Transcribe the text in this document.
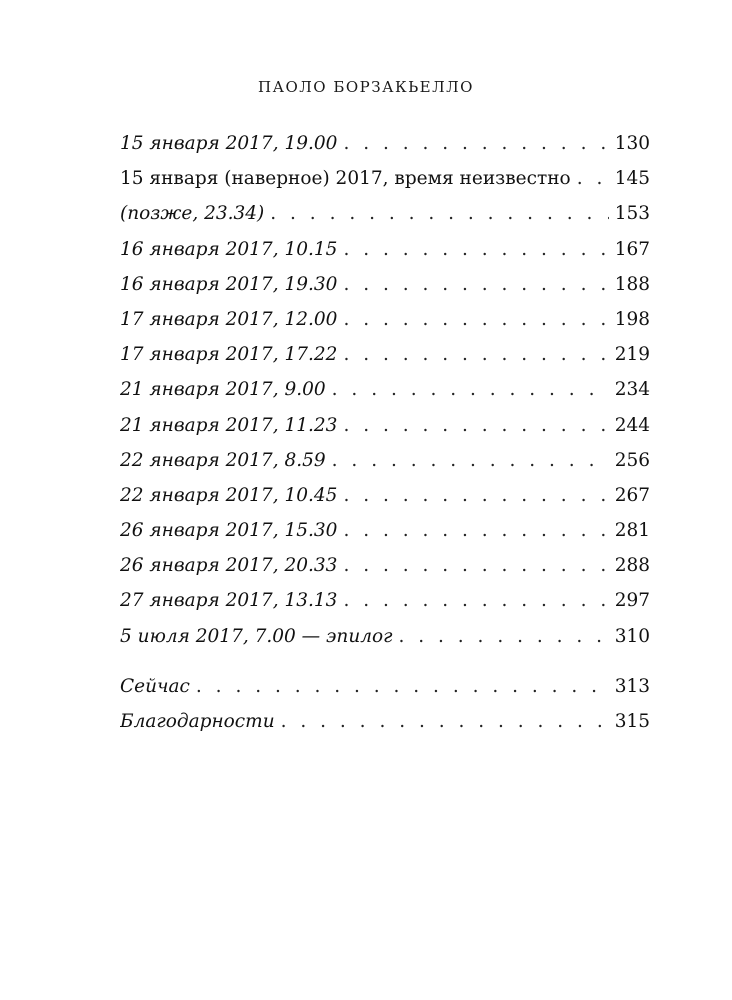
ПАОЛО БОРЗАКЬЕЛЛО
15 января 2017, 19.00 . . .	130
15 января (наверное) 2017, время неизвестно . . . 145
(позже, 23.34) . . .	153
16 января 2017, 10.15 . . .	167
16 января 2017, 19.30 . . .	188
17 января 2017, 12.00 . . .	198
17 января 2017, 17.22 . . .	219
21 января 2017, 9.00 . . .	234
21 января 2017, 11.23 . . .	244
22 января 2017, 8.59 . . .	256
22 января 2017, 10.45 . . .	267
26 января 2017, 15.30 . . .	281
26 января 2017, 20.33 . . .	288
27 января 2017, 13.13 . . .	297
5 июля 2017, 7.00 — эпилог . . .	310
Сейчас . . .	313
Благодарности . . .	315
